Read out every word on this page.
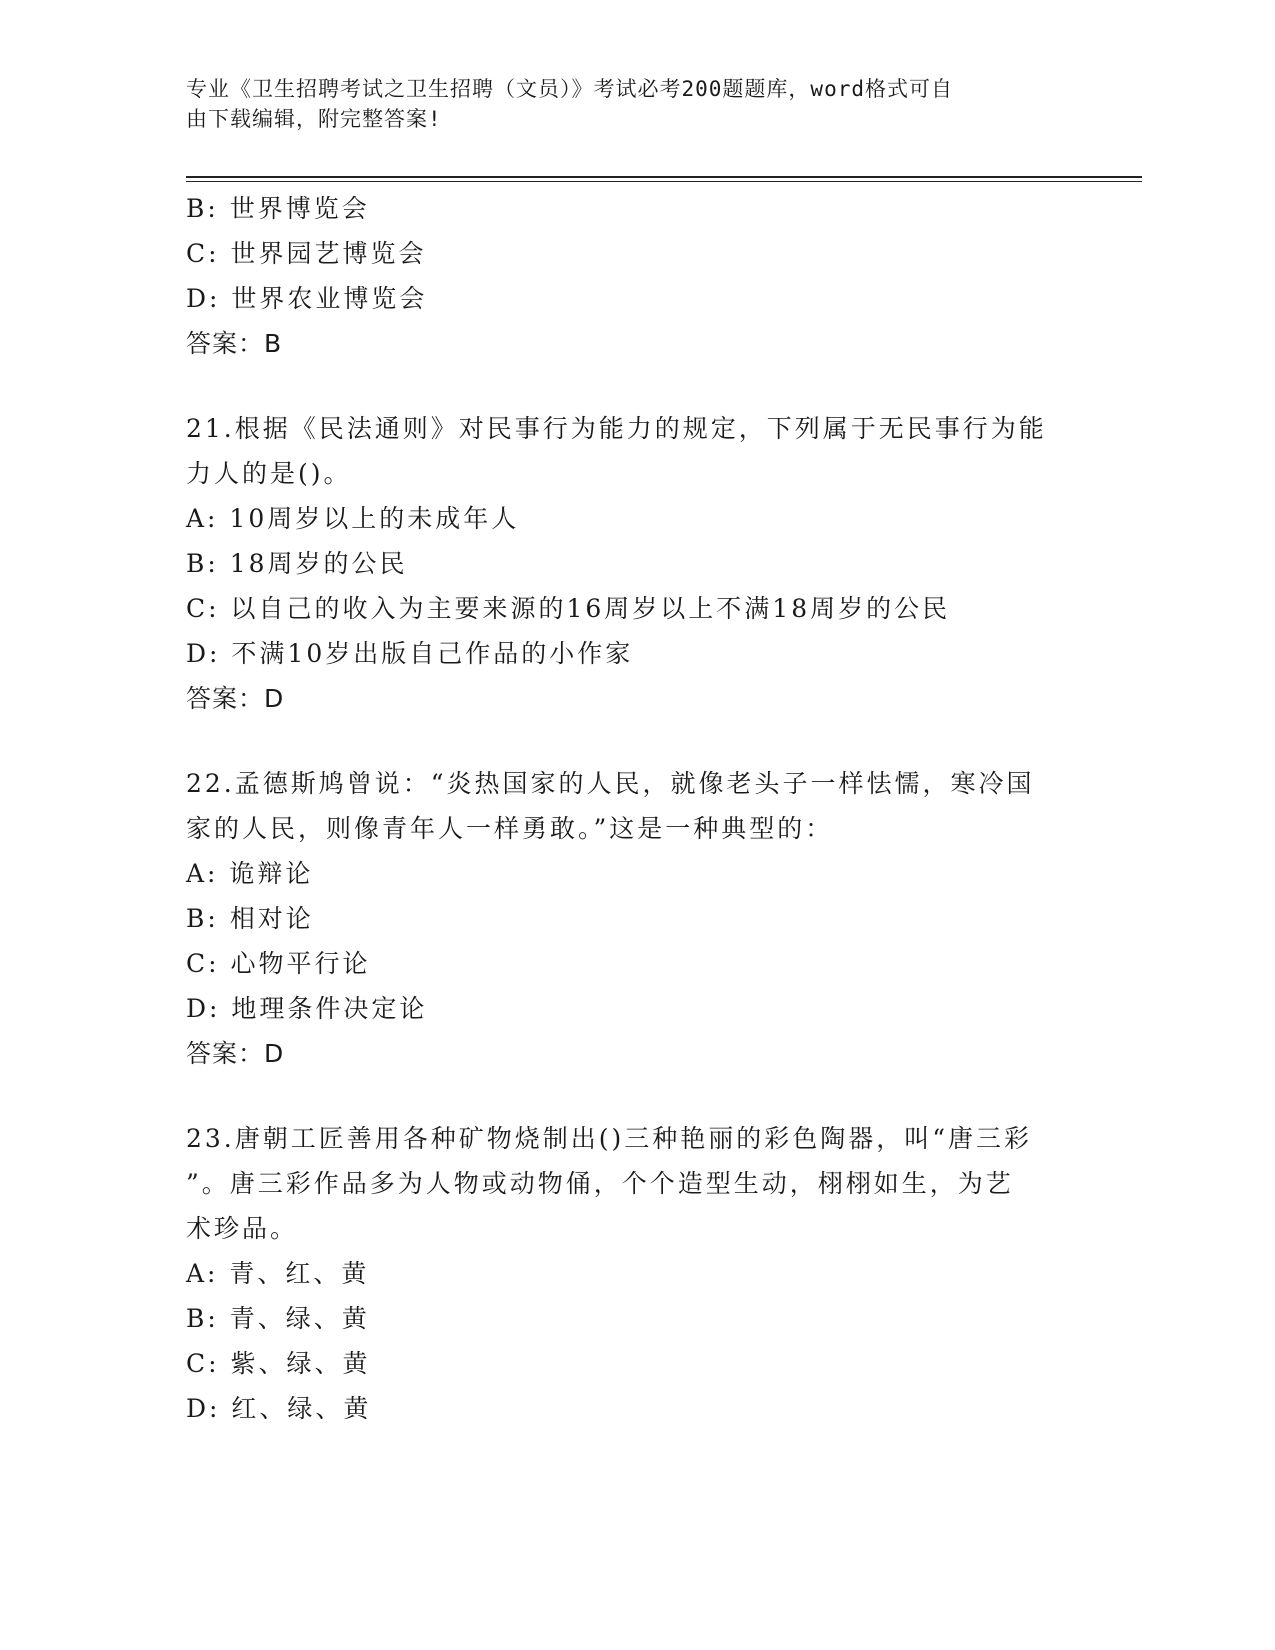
专业《卫生招聘考试之卫生招聘（文员）》考试必考200题题库，word格式可自
由下载编辑，附完整答案!

B: 世界博览会

C: 世界园艺博览会

D: 世界农业博览会

答案：B

21.根据《民法通则》对民事行为能力的规定，下列属于无民事行为能

力人的是()。

A: 10周岁以上的未成年人

B: 18周岁的公民

C: 以自己的收入为主要来源的16周岁以上不满18周岁的公民

D: 不满10岁出版自己作品的小作家

答案：D

22.孟德斯鸠曾说：“炎热国家的人民，就像老头子一样怯懦，寒冷国

家的人民，则像青年人一样勇敢。”这是一种典型的：

A: 诡辩论

B: 相对论

C: 心物平行论

D: 地理条件决定论

答案：D

23.唐朝工匠善用各种矿物烧制出()三种艳丽的彩色陶器，叫“唐三彩

”。唐三彩作品多为人物或动物俑，个个造型生动，栩栩如生，为艺

术珍品。

A: 青、红、黄

B: 青、绿、黄

C: 紫、绿、黄

D: 红、绿、黄
